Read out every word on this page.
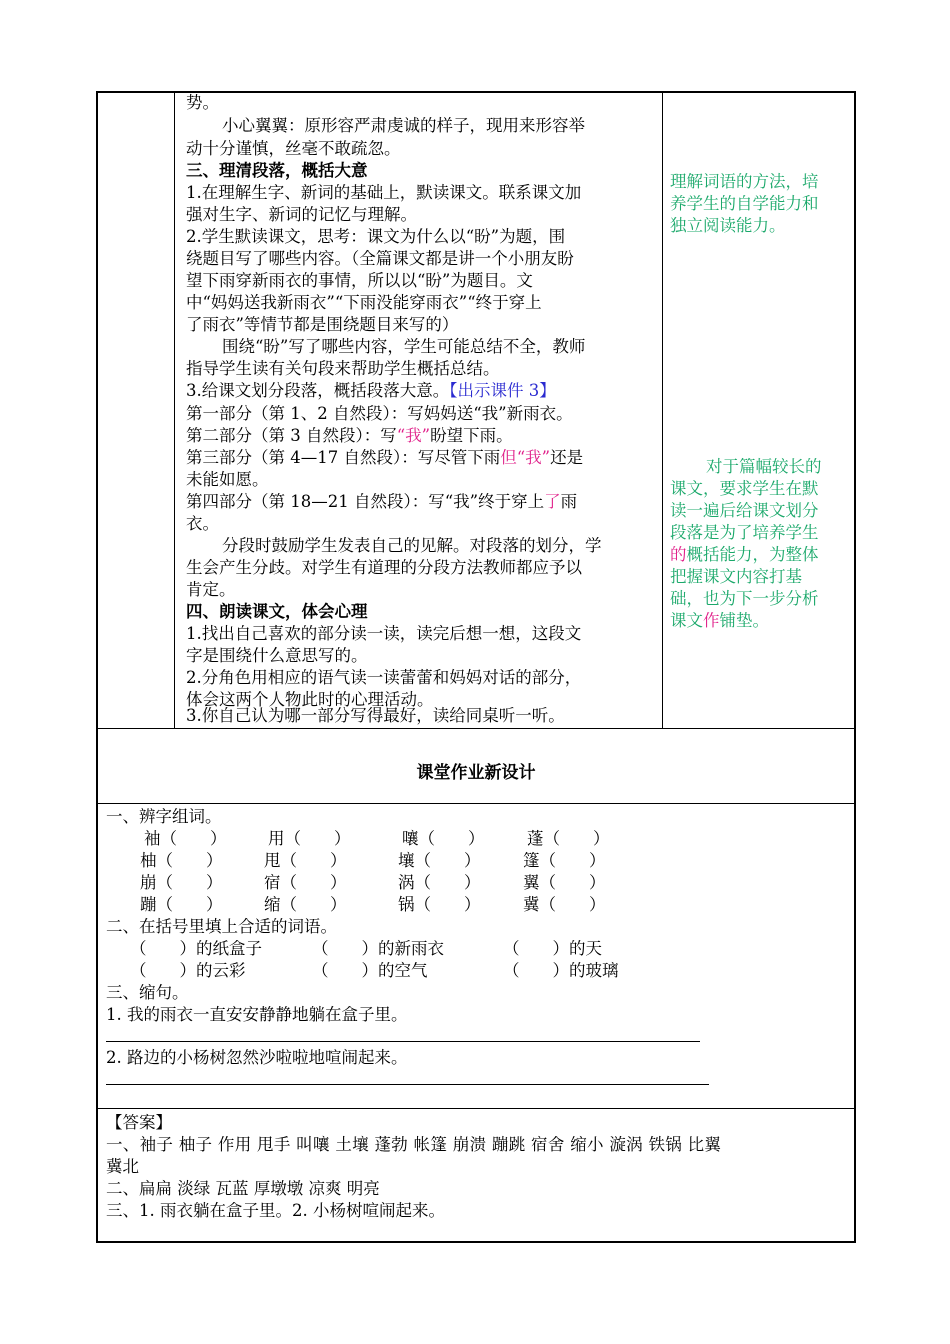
势。
小心翼翼：原形容严肃虔诚的样子，现用来形容举
动十分谨慎，丝毫不敢疏忽。
三、理清段落，概括大意
1.在理解生字、新词的基础上，默读课文。联系课文加
强对生字、新词的记忆与理解。
2.学生默读课文，思考：课文为什么以“盼”为题，围
绕题目写了哪些内容。（全篇课文都是讲一个小朋友盼
望下雨穿新雨衣的事情，所以以“盼”为题目。文
中“妈妈送我新雨衣”“下雨没能穿雨衣”“终于穿上
了雨衣”等情节都是围绕题目来写的）
围绕“盼”写了哪些内容，学生可能总结不全，教师
指导学生读有关句段来帮助学生概括总结。
3.给课文划分段落，概括段落大意。【出示课件 3】
第一部分（第 1、2 自然段）：写妈妈送“我”新雨衣。
第二部分（第 3 自然段）：写“我”盼望下雨。
第三部分（第 4—17 自然段）：写尽管下雨但“我”还是
未能如愿。
第四部分（第 18—21 自然段）：写“我”终于穿上了雨
衣。
分段时鼓励学生发表自己的见解。对段落的划分，学
生会产生分歧。对学生有道理的分段方法教师都应予以
肯定。
四、朗读课文，体会心理
1.找出自己喜欢的部分读一读，读完后想一想，这段文
字是围绕什么意思写的。
2.分角色用相应的语气读一读蕾蕾和妈妈对话的部分，
体会这两个人物此时的心理活动。
3.你自己认为哪一部分写得最好，读给同桌听一听。
理解词语的方法，培
养学生的自学能力和
独立阅读能力。
对于篇幅较长的
课文，要求学生在默
读一遍后给课文划分
段落是为了培养学生
的概括能力，为整体
把握课文内容打基
础，也为下一步分析
课文作铺垫。
课堂作业新设计
一、辨字组词。
袖（　　）	用（　　）	嚷（　　）	蓬（　　）
柚（　　）	甩（　　）	壤（　　）	篷（　　）
崩（　　）	宿（　　）	涡（　　）	翼（　　）
蹦（　　）	缩（　　）	锅（　　）	冀（　　）
二、在括号里填上合适的词语。
（　　）的纸盒子	（　　）的新雨衣	（　　）的天
（　　）的云彩	（　　）的空气	（　　）的玻璃
三、缩句。
1. 我的雨衣一直安安静静地躺在盒子里。
2. 路边的小杨树忽然沙啦啦地喧闹起来。
【答案】
一、袖子 柚子 作用 甩手 叫嚷 土壤 蓬勃 帐篷 崩溃 蹦跳 宿舍 缩小 漩涡 铁锅 比翼
冀北
二、扁扁 淡绿 瓦蓝 厚墩墩 凉爽 明亮
三、1. 雨衣躺在盒子里。2. 小杨树喧闹起来。
